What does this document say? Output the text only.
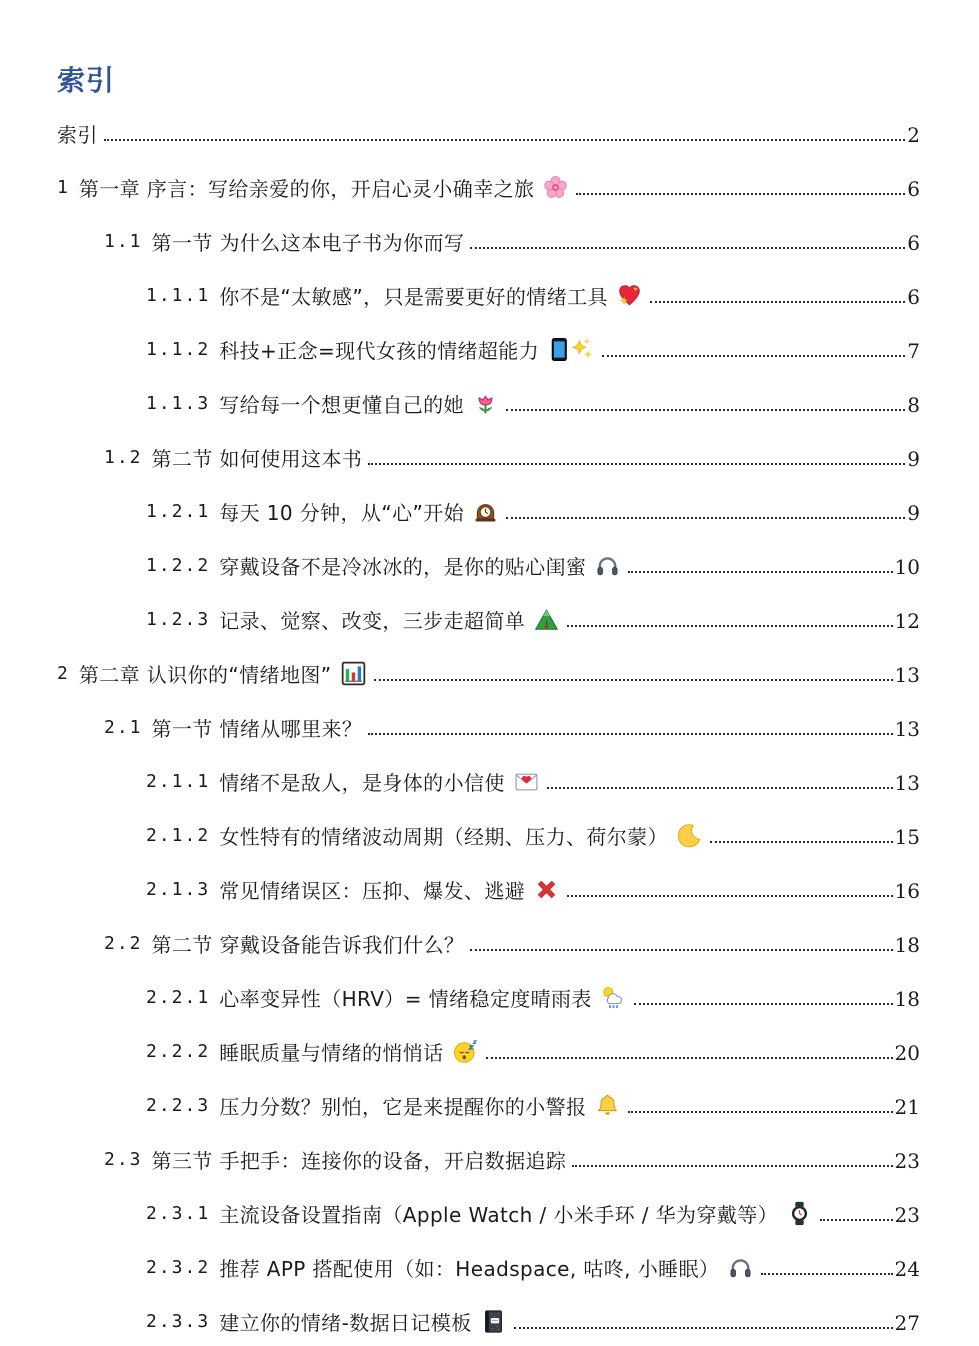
索引
索引	2
1 第一章 序言：写给亲爱的你，开启心灵小确幸之旅	6
1.1 第一节 为什么这本电子书为你而写	6
1.1.1 你不是“太敏感”，只是需要更好的情绪工具	6
1.1.2 科技+正念=现代女孩的情绪超能力	7
1.1.3 写给每一个想更懂自己的她	8
1.2 第二节 如何使用这本书	9
1.2.1 每天 10 分钟，从“心”开始	9
1.2.2 穿戴设备不是冷冰冰的，是你的贴心闺蜜	10
1.2.3 记录、觉察、改变，三步走超简单	12
2 第二章 认识你的“情绪地图”	13
2.1 第一节 情绪从哪里来？	13
2.1.1 情绪不是敌人，是身体的小信使	13
2.1.2 女性特有的情绪波动周期（经期、压力、荷尔蒙）	15
2.1.3 常见情绪误区：压抑、爆发、逃避	16
2.2 第二节 穿戴设备能告诉我们什么？	18
2.2.1 心率变异性（HRV）= 情绪稳定度晴雨表	18
2.2.2 睡眠质量与情绪的悄悄话	20
2.2.3 压力分数？别怕，它是来提醒你的小警报	21
2.3 第三节 手把手：连接你的设备，开启数据追踪	23
2.3.1 主流设备设置指南（Apple Watch / 小米手环 / 华为穿戴等）	23
2.3.2 推荐 APP 搭配使用（如：Headspace, 咕咚, 小睡眠）	24
2.3.3 建立你的情绪-数据日记模板	27
